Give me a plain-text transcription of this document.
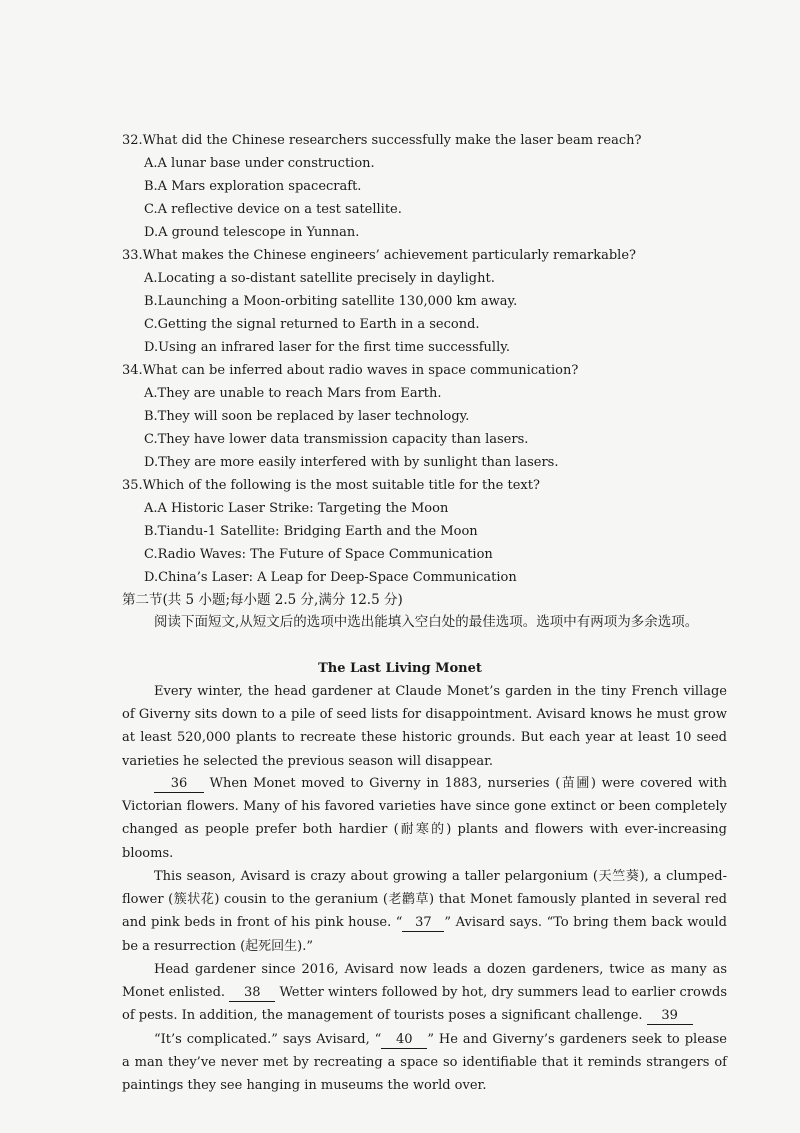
32.What did the Chinese researchers successfully make the laser beam reach?
A.A lunar base under construction.
B.A Mars exploration spacecraft.
C.A reflective device on a test satellite.
D.A ground telescope in Yunnan.
33.What makes the Chinese engineers’ achievement particularly remarkable?
A.Locating a so-distant satellite precisely in daylight.
B.Launching a Moon-orbiting satellite 130,000 km away.
C.Getting the signal returned to Earth in a second.
D.Using an infrared laser for the first time successfully.
34.What can be inferred about radio waves in space communication?
A.They are unable to reach Mars from Earth.
B.They will soon be replaced by laser technology.
C.They have lower data transmission capacity than lasers.
D.They are more easily interfered with by sunlight than lasers.
35.Which of the following is the most suitable title for the text?
A.A Historic Laser Strike: Targeting the Moon
B.Tiandu-1 Satellite: Bridging Earth and the Moon
C.Radio Waves: The Future of Space Communication
D.China’s Laser: A Leap for Deep-Space Communication
第二节(共 5 小题;每小题 2.5 分,满分 12.5 分)
阅读下面短文,从短文后的选项中选出能填入空白处的最佳选项。选项中有两项为多余选项。
The Last Living Monet
Every winter, the head gardener at Claude Monet’s garden in the tiny French village of Giverny sits down to a pile of seed lists for disappointment. Avisard knows he must grow at least 520,000 plants to recreate these historic grounds. But each year at least 10 seed varieties he selected the previous season will disappear.
36 When Monet moved to Giverny in 1883, nurseries (苗圃) were covered with Victorian flowers. Many of his favored varieties have since gone extinct or been completely changed as people prefer both hardier (耐寒的) plants and flowers with ever-increasing blooms.
This season, Avisard is crazy about growing a taller pelargonium (天竺葵), a clumped-flower (簇状花) cousin to the geranium (老鹳草) that Monet famously planted in several red and pink beds in front of his pink house. “ 37 ” Avisard says. “To bring them back would be a resurrection (起死回生).”
Head gardener since 2016, Avisard now leads a dozen gardeners, twice as many as Monet enlisted. 38 Wetter winters followed by hot, dry summers lead to earlier crowds of pests. In addition, the management of tourists poses a significant challenge. 39
“It’s complicated.” says Avisard, “ 40 ” He and Giverny’s gardeners seek to please a man they’ve never met by recreating a space so identifiable that it reminds strangers of paintings they see hanging in museums the world over.
